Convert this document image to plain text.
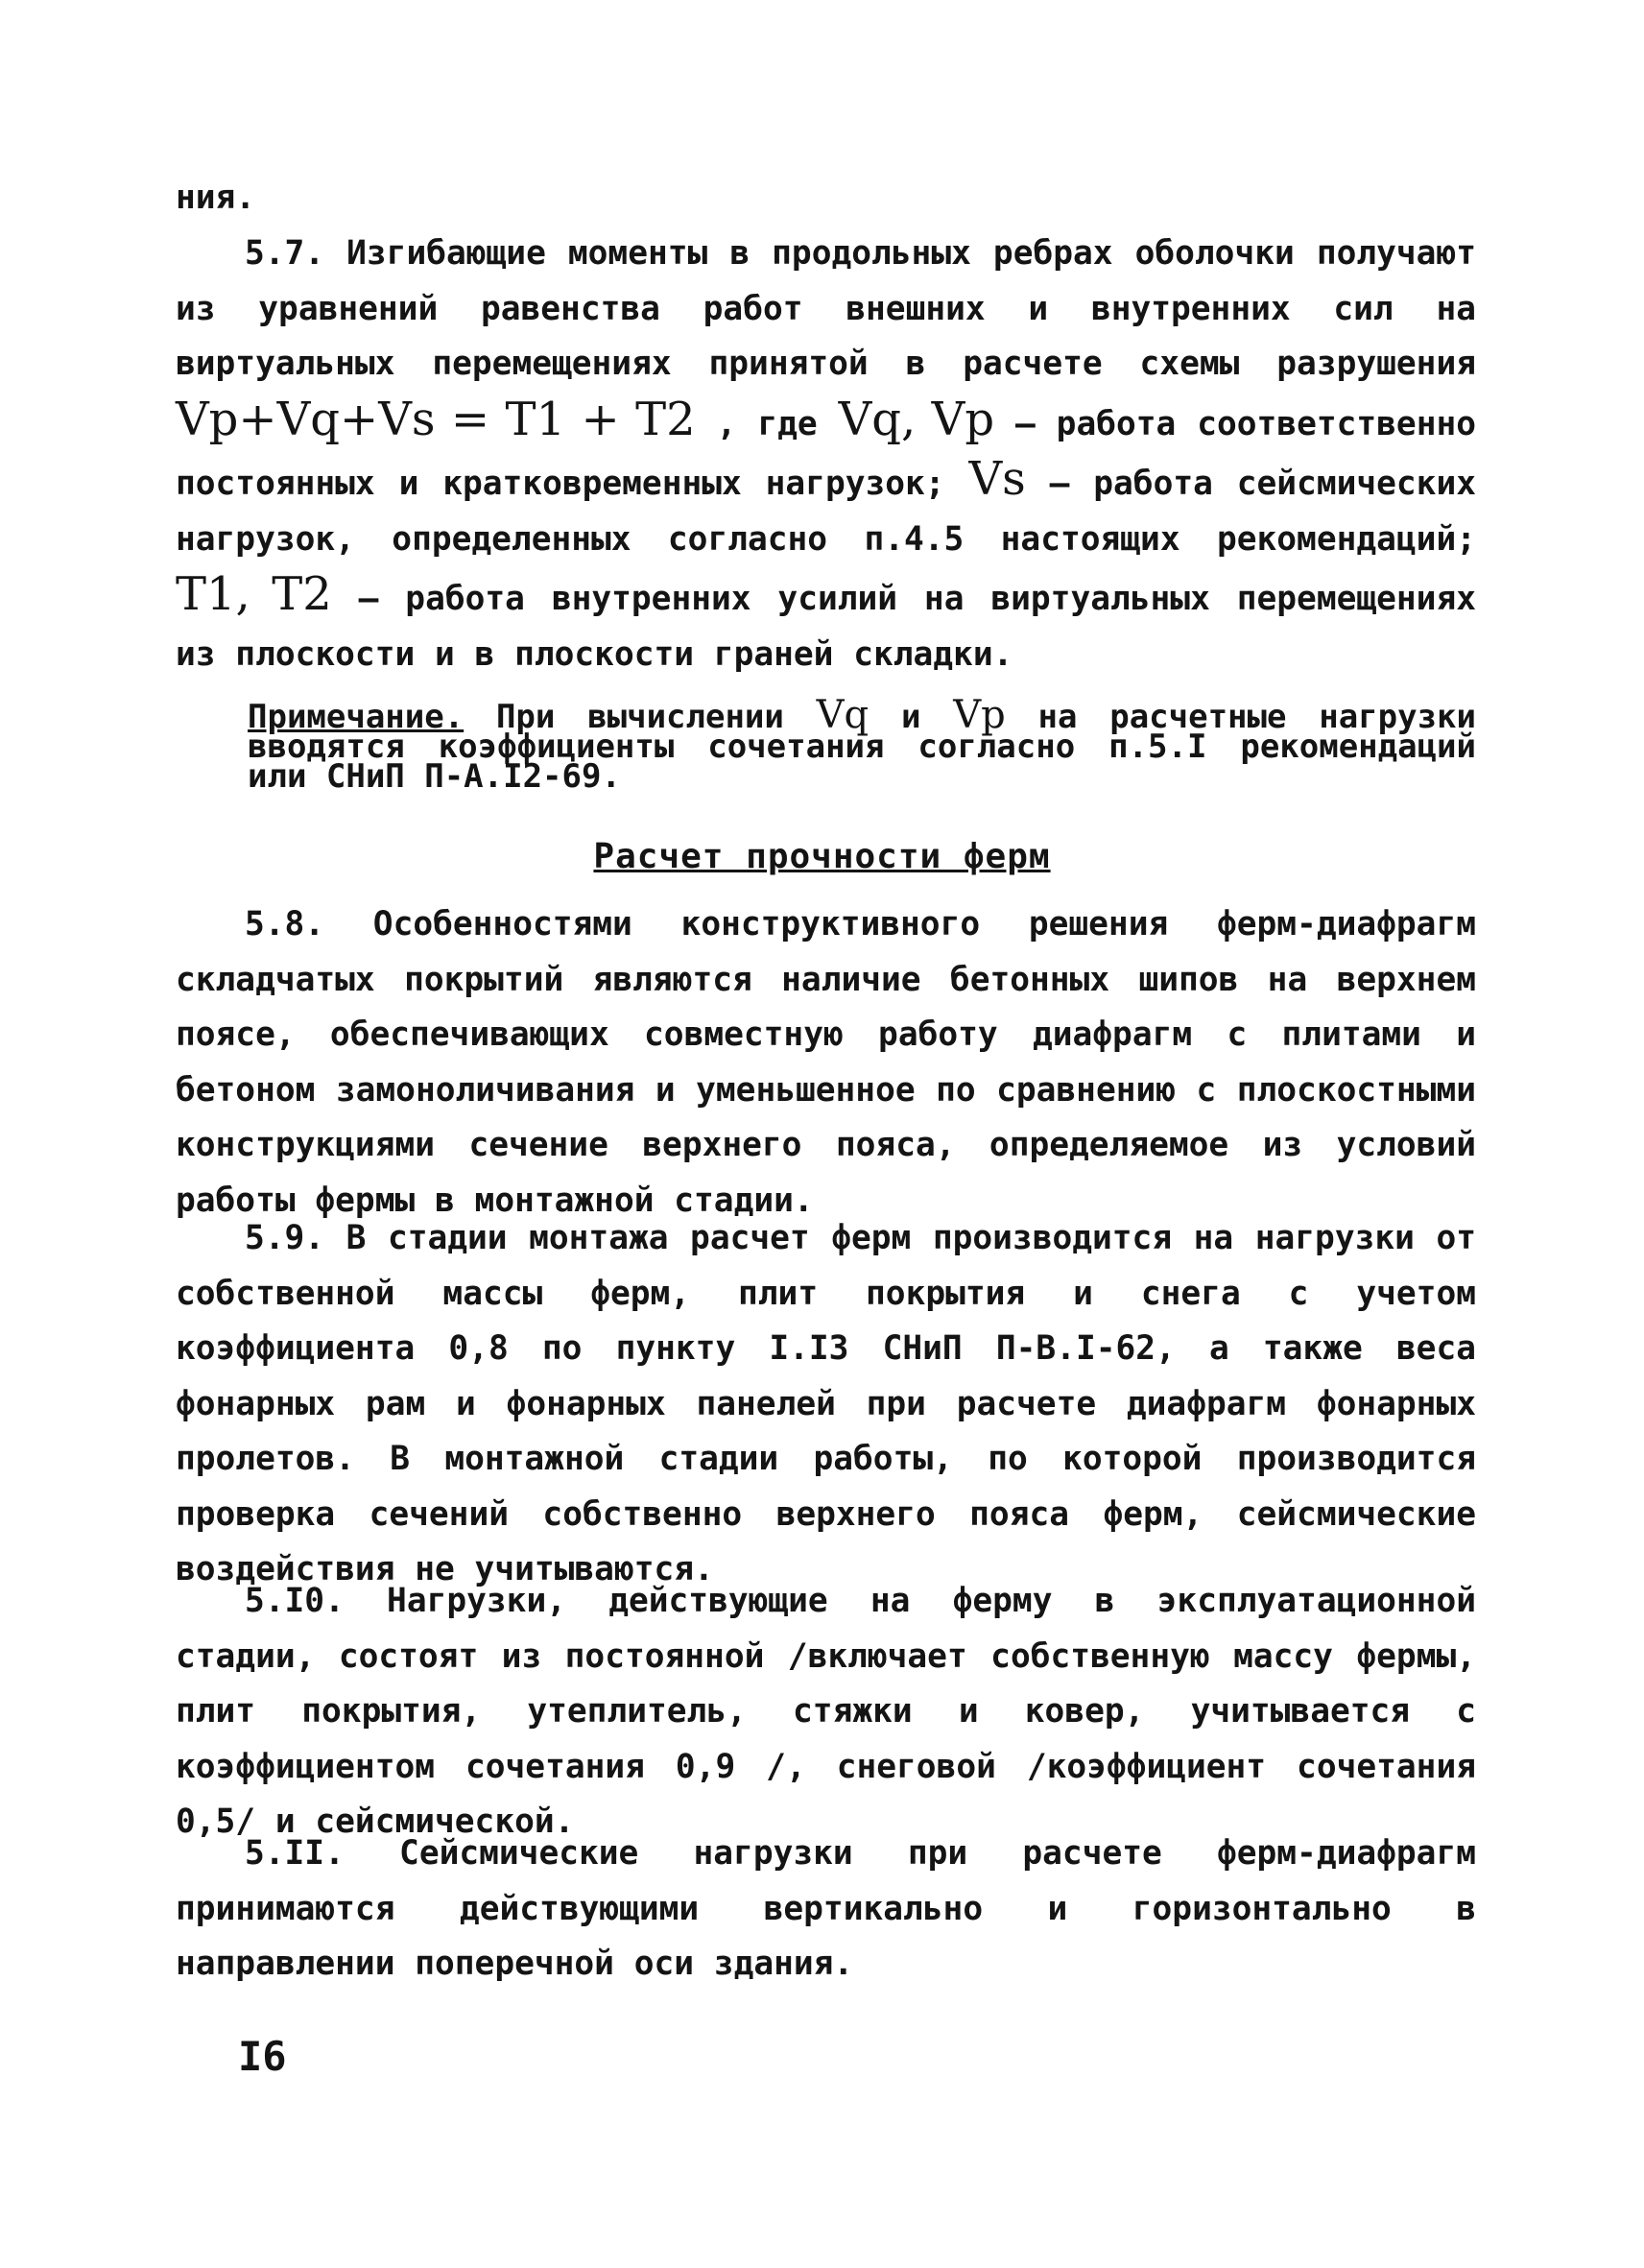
ния.

5.7. Изгибающие моменты в продольных ребрах оболочки получают из уравнений равенства работ внешних и внутренних сил на виртуальных перемещениях принятой в расчете схемы разрушения Vp+Vq+Vs = T1 + T2 , где Vq, Vp – работа соответственно постоянных и кратковременных нагрузок; Vs – работа сейсмических нагрузок, определенных согласно п.4.5 настоящих рекомендаций; T1, T2 – работа внутренних усилий на виртуальных перемещениях из плоскости и в плоскости граней складки.

Примечание. При вычислении Vq и Vp на расчетные нагрузки вводятся коэффициенты сочетания согласно п.5.I рекомендаций или СНиП П-А.I2-69.

Расчет прочности ферм

5.8. Особенностями конструктивного решения ферм-диафрагм складчатых покрытий являются наличие бетонных шипов на верхнем поясе, обеспечивающих совместную работу диафрагм с плитами и бетоном замоноличивания и уменьшенное по сравнению с плоскостными конструкциями сечение верхнего пояса, определяемое из условий работы фермы в монтажной стадии.

5.9. В стадии монтажа расчет ферм производится на нагрузки от собственной массы ферм, плит покрытия и снега с учетом коэффициента 0,8 по пункту I.I3 СНиП П-В.I-62, а также веса фонарных рам и фонарных панелей при расчете диафрагм фонарных пролетов. В монтажной стадии работы, по которой производится проверка сечений собственно верхнего пояса ферм, сейсмические воздействия не учитываются.

5.I0. Нагрузки, действующие на ферму в эксплуатационной стадии, состоят из постоянной /включает собственную массу фермы, плит покрытия, утеплитель, стяжки и ковер, учитывается с коэффициентом сочетания 0,9 /, снеговой /коэффициент сочетания 0,5/ и сейсмической.

5.II. Сейсмические нагрузки при расчете ферм-диафрагм принимаются действующими вертикально и горизонтально в направлении поперечной оси здания.

I6
